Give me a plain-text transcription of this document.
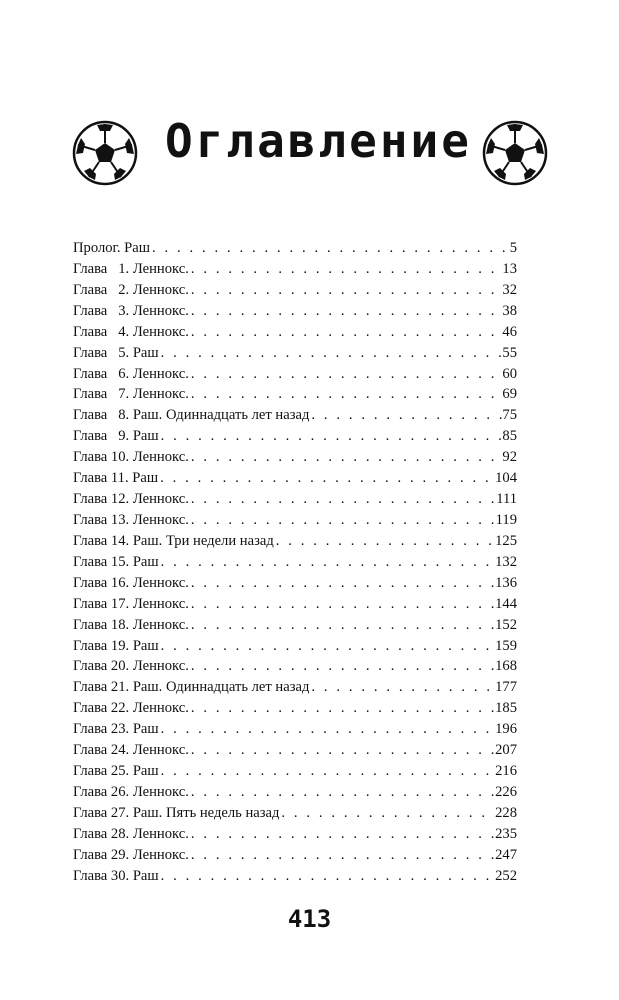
Оглавление
Пролог. Раш . . .	5
Глава   1. Леннокс. . . .	13
Глава   2. Леннокс. . . .	32
Глава   3. Леннокс. . . .	38
Глава   4. Леннокс. . . .	46
Глава   5. Раш . . .	55
Глава   6. Леннокс. . . .	60
Глава   7. Леннокс. . . .	69
Глава   8. Раш. Одиннадцать лет назад . . .	75
Глава   9. Раш . . .	85
Глава 10. Леннокс. . . .	92
Глава 11. Раш . . .	104
Глава 12. Леннокс. . . .	111
Глава 13. Леннокс. . . .	119
Глава 14. Раш. Три недели назад . . .	125
Глава 15. Раш . . .	132
Глава 16. Леннокс. . . .	136
Глава 17. Леннокс. . . .	144
Глава 18. Леннокс. . . .	152
Глава 19. Раш . . .	159
Глава 20. Леннокс. . . .	168
Глава 21. Раш. Одиннадцать лет назад . . .	177
Глава 22. Леннокс. . . .	185
Глава 23. Раш . . .	196
Глава 24. Леннокс. . . .	207
Глава 25. Раш . . .	216
Глава 26. Леннокс. . . .	226
Глава 27. Раш. Пять недель назад . . .	228
Глава 28. Леннокс. . . .	235
Глава 29. Леннокс. . . .	247
Глава 30. Раш . . .	252
413
